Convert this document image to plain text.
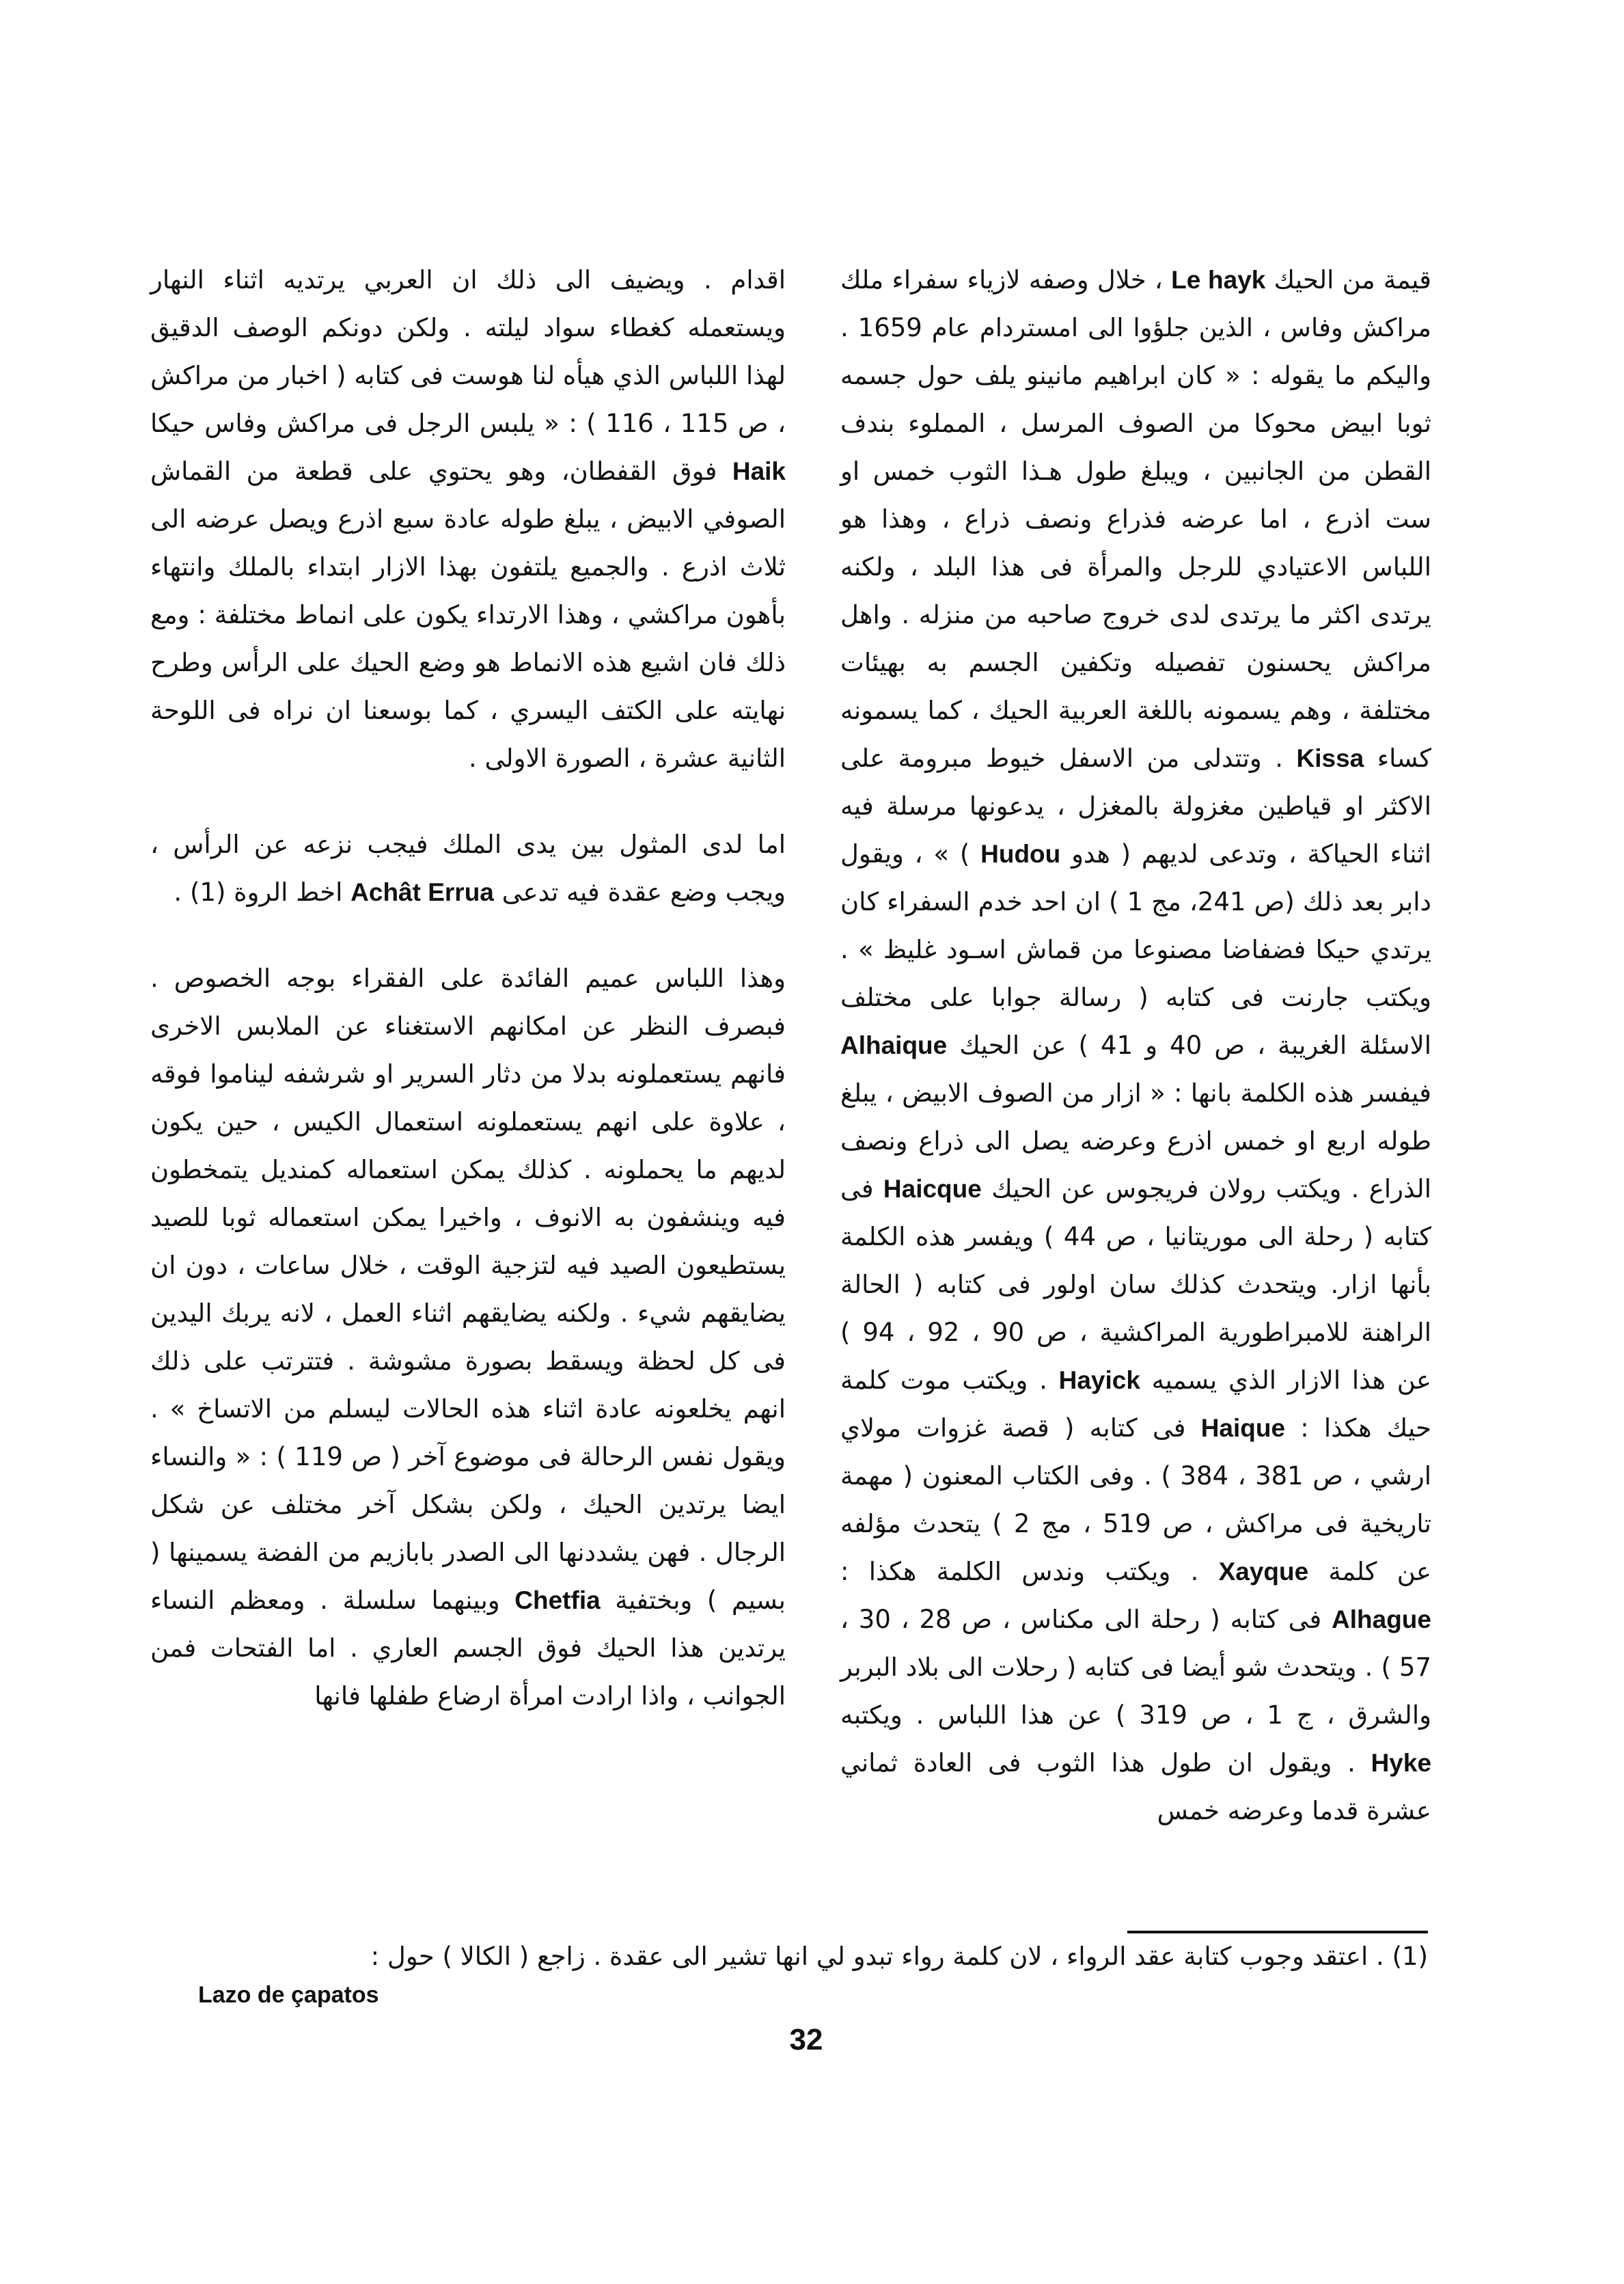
قيمة من الحيك Le hayk ، خلال وصفه لازياء سفراء ملك مراكش وفاس ، الذين جلؤوا الى امستردام عام 1659 . واليكم ما يقوله : « كان ابراهيم مانينو يلف حول جسمه ثوبا ابيض محوكا من الصوف المرسل ، المملوء بندف القطن من الجانبين ، ويبلغ طول هـذا الثوب خمس او ست اذرع ، اما عرضه فذراع ونصف ذراع ، وهذا هو اللباس الاعتيادي للرجل والمرأة فى هذا البلد ، ولكنه يرتدى اكثر ما يرتدى لدى خروج صاحبه من منزله . واهل مراكش يحسنون تفصيله وتكفين الجسم به بهيئات مختلفة ، وهم يسمونه باللغة العربية الحيك ، كما يسمونه كساء Kissa . وتتدلى من الاسفل خيوط مبرومة على الاكثر او قياطين مغزولة بالمغزل ، يدعونها مرسلة فيه اثناء الحياكة ، وتدعى لديهم ( هدو Hudou ) » ، ويقول دابر بعد ذلك (ص 241، مج 1 ) ان احد خدم السفراء كان يرتدي حيكا فضفاضا مصنوعا من قماش اسـود غليظ » . ويكتب جارنت فى كتابه ( رسالة جوابا على مختلف الاسئلة الغريبة ، ص 40 و 41 ) عن الحيك Alhaique فيفسر هذه الكلمة بانها : « ازار من الصوف الابيض ، يبلغ طوله اربع او خمس اذرع وعرضه يصل الى ذراع ونصف الذراع . ويكتب رولان فريجوس عن الحيك Haicque فى كتابه ( رحلة الى موريتانيا ، ص 44 ) ويفسر هذه الكلمة بأنها ازار. ويتحدث كذلك سان اولور فى كتابه ( الحالة الراهنة للامبراطورية المراكشية ، ص 90 ، 92 ، 94 ) عن هذا الازار الذي يسميه Hayick . ويكتب موت كلمة حيك هكذا : Haique فى كتابه ( قصة غزوات مولاي ارشي ، ص 381 ، 384 ) . وفى الكتاب المعنون ( مهمة تاريخية فى مراكش ، ص 519 ، مج 2 ) يتحدث مؤلفه عن كلمة Xayque . ويكتب وندس الكلمة هكذا : Alhague فى كتابه ( رحلة الى مكناس ، ص 28 ، 30 ، 57 ) . ويتحدث شو أيضا فى كتابه ( رحلات الى بلاد البربر والشرق ، ج 1 ، ص 319 ) عن هذا اللباس . ويكتبه Hyke . ويقول ان طول هذا الثوب فى العادة ثماني عشرة قدما وعرضه خمس

اقدام . ويضيف الى ذلك ان العربي يرتديه اثناء النهار ويستعمله كغطاء سواد ليلته . ولكن دونكم الوصف الدقيق لهذا اللباس الذي هيأه لنا هوست فى كتابه ( اخبار من مراكش ، ص 115 ، 116 ) : « يلبس الرجل فى مراكش وفاس حيكا Haik فوق القفطان، وهو يحتوي على قطعة من القماش الصوفي الابيض ، يبلغ طوله عادة سبع اذرع ويصل عرضه الى ثلاث اذرع . والجميع يلتفون بهذا الازار ابتداء بالملك وانتهاء بأهون مراكشي ، وهذا الارتداء يكون على انماط مختلفة : ومع ذلك فان اشيع هذه الانماط هو وضع الحيك على الرأس وطرح نهايته على الكتف اليسري ، كما بوسعنا ان نراه فى اللوحة الثانية عشرة ، الصورة الاولى .

اما لدى المثول بين يدى الملك فيجب نزعه عن الرأس ، ويجب وضع عقدة فيه تدعى Achât Errua اخط الروة (1) .

وهذا اللباس عميم الفائدة على الفقراء بوجه الخصوص . فبصرف النظر عن امكانهم الاستغناء عن الملابس الاخرى فانهم يستعملونه بدلا من دثار السرير او شرشفه ليناموا فوقه ، علاوة على انهم يستعملونه استعمال الكيس ، حين يكون لديهم ما يحملونه . كذلك يمكن استعماله كمنديل يتمخطون فيه وينشفون به الانوف ، واخيرا يمكن استعماله ثوبا للصيد يستطيعون الصيد فيه لتزجية الوقت ، خلال ساعات ، دون ان يضايقهم شيء . ولكنه يضايقهم اثناء العمل ، لانه يربك اليدين فى كل لحظة ويسقط بصورة مشوشة . فتترتب على ذلك انهم يخلعونه عادة اثناء هذه الحالات ليسلم من الاتساخ » . ويقول نفس الرحالة فى موضوع آخر ( ص 119 ) : « والنساء ايضا يرتدين الحيك ، ولكن بشكل آخر مختلف عن شكل الرجال . فهن يشددنها الى الصدر بابازيم من الفضة يسمينها ( بسيم ) وبختفية Chetfia وبينهما سلسلة . ومعظم النساء يرتدين هذا الحيك فوق الجسم العاري . اما الفتحات فمن الجوانب ، واذا ارادت امرأة ارضاع طفلها فانها

(1) . اعتقد وجوب كتابة عقد الرواء ، لان كلمة رواء تبدو لي انها تشير الى عقدة . زاجع ( الكالا ) حول :
Lazo de çapatos
32
